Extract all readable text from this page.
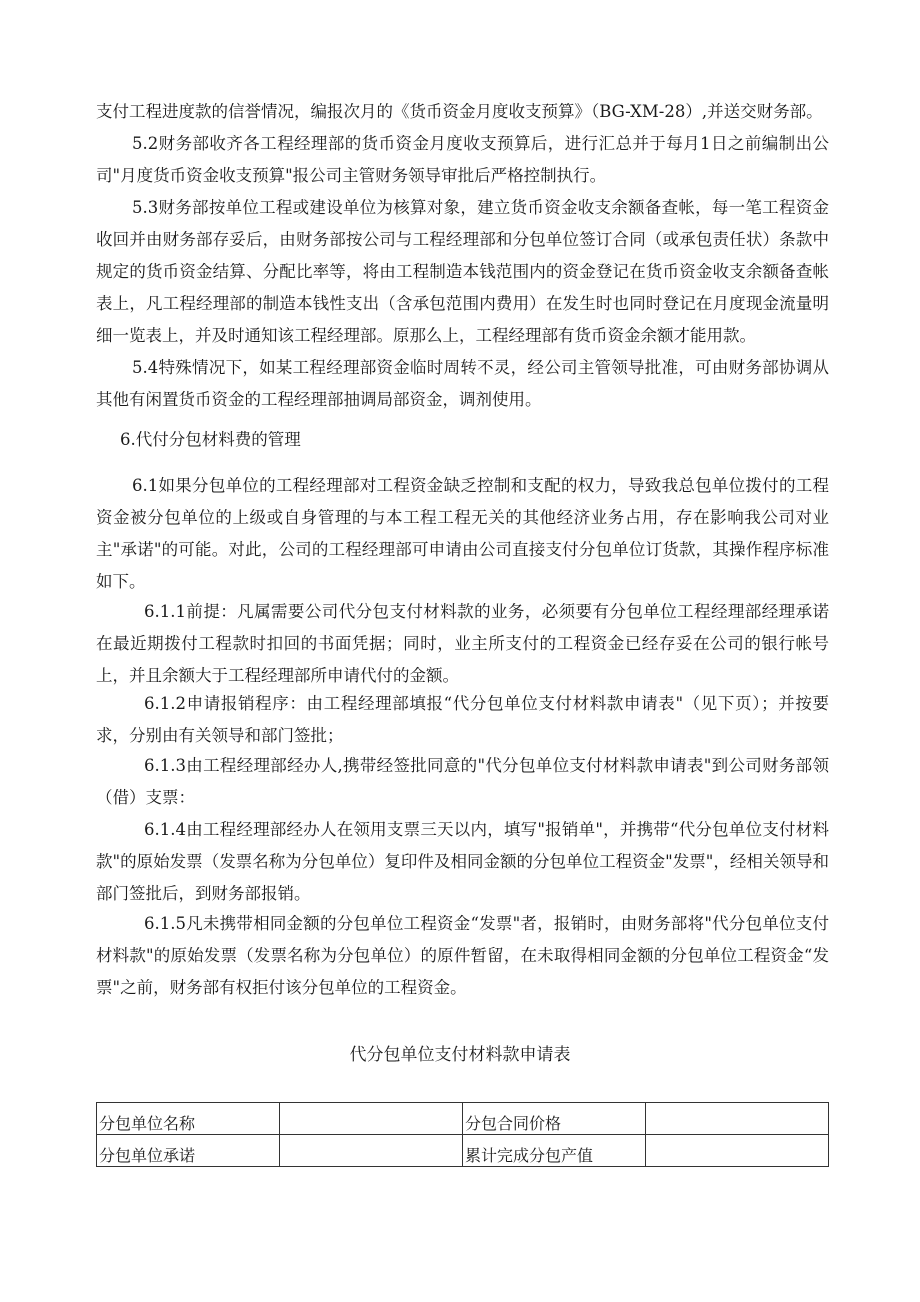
支付工程进度款的信誉情况，编报次月的《货币资金月度收支预算》（BG-XM-28）,并送交财务部。

5.2财务部收齐各工程经理部的货币资金月度收支预算后，进行汇总并于每月1日之前编制出公司"月度货币资金收支预算"报公司主管财务领导审批后严格控制执行。

5.3财务部按单位工程或建设单位为核算对象，建立货币资金收支余额备查帐，每一笔工程资金收回并由财务部存妥后，由财务部按公司与工程经理部和分包单位签订合同（或承包责任状）条款中规定的货币资金结算、分配比率等，将由工程制造本钱范围内的资金登记在货币资金收支余额备查帐表上，凡工程经理部的制造本钱性支出（含承包范围内费用）在发生时也同时登记在月度现金流量明细一览表上，并及时通知该工程经理部。原那么上，工程经理部有货币资金余额才能用款。

5.4特殊情况下，如某工程经理部资金临时周转不灵，经公司主管领导批准，可由财务部协调从其他有闲置货币资金的工程经理部抽调局部资金，调剂使用。

6.代付分包材料费的管理

6.1如果分包单位的工程经理部对工程资金缺乏控制和支配的权力，导致我总包单位拨付的工程资金被分包单位的上级或自身管理的与本工程工程无关的其他经济业务占用，存在影响我公司对业主"承诺"的可能。对此，公司的工程经理部可申请由公司直接支付分包单位订货款，其操作程序标准如下。

6.1.1前提：凡属需要公司代分包支付材料款的业务，必须要有分包单位工程经理部经理承诺在最近期拨付工程款时扣回的书面凭据；同时，业主所支付的工程资金已经存妥在公司的银行帐号上，并且余额大于工程经理部所申请代付的金额。

6.1.2申请报销程序：由工程经理部填报“代分包单位支付材料款申请表"（见下页）；并按要求，分别由有关领导和部门签批；

6.1.3由工程经理部经办人,携带经签批同意的"代分包单位支付材料款申请表"到公司财务部领（借）支票：

6.1.4由工程经理部经办人在领用支票三天以内，填写"报销单"，并携带“代分包单位支付材料款"的原始发票（发票名称为分包单位）复印件及相同金额的分包单位工程资金"发票"，经相关领导和部门签批后，到财务部报销。

6.1.5凡未携带相同金额的分包单位工程资金“发票"者，报销时，由财务部将"代分包单位支付材料款"的原始发票（发票名称为分包单位）的原件暂留，在未取得相同金额的分包单位工程资金“发票"之前，财务部有权拒付该分包单位的工程资金。

代分包单位支付材料款申请表
分包单位名称		分包合同价格	
分包单位承诺		累计完成分包产值	
